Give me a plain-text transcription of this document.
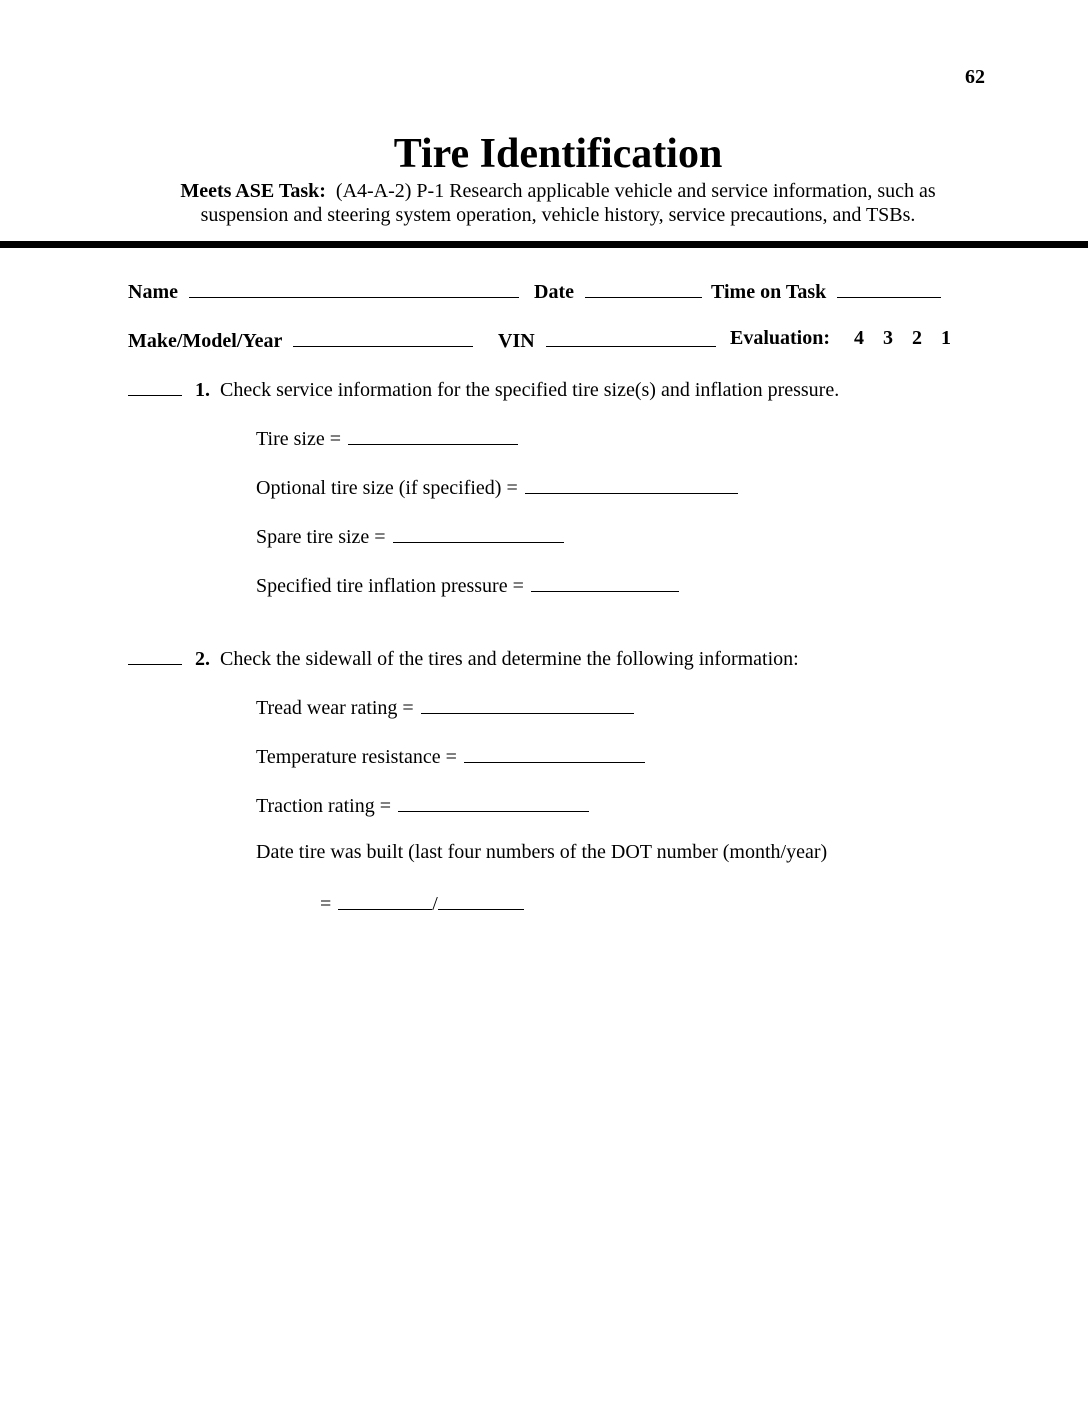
62
Tire Identification
Meets ASE Task: (A4-A-2) P-1 Research applicable vehicle and service information, such as
suspension and steering system operation, vehicle history, service precautions, and TSBs.
Name	Date	Time on Task
Make/Model/Year	VIN	Evaluation: 4 3 2 1
1. Check service information for the specified tire size(s) and inflation pressure.
Tire size =
Optional tire size (if specified) =
Spare tire size =
Specified tire inflation pressure =
2. Check the sidewall of the tires and determine the following information:
Tread wear rating =
Temperature resistance =
Traction rating =
Date tire was built (last four numbers of the DOT number (month/year)
=	/
